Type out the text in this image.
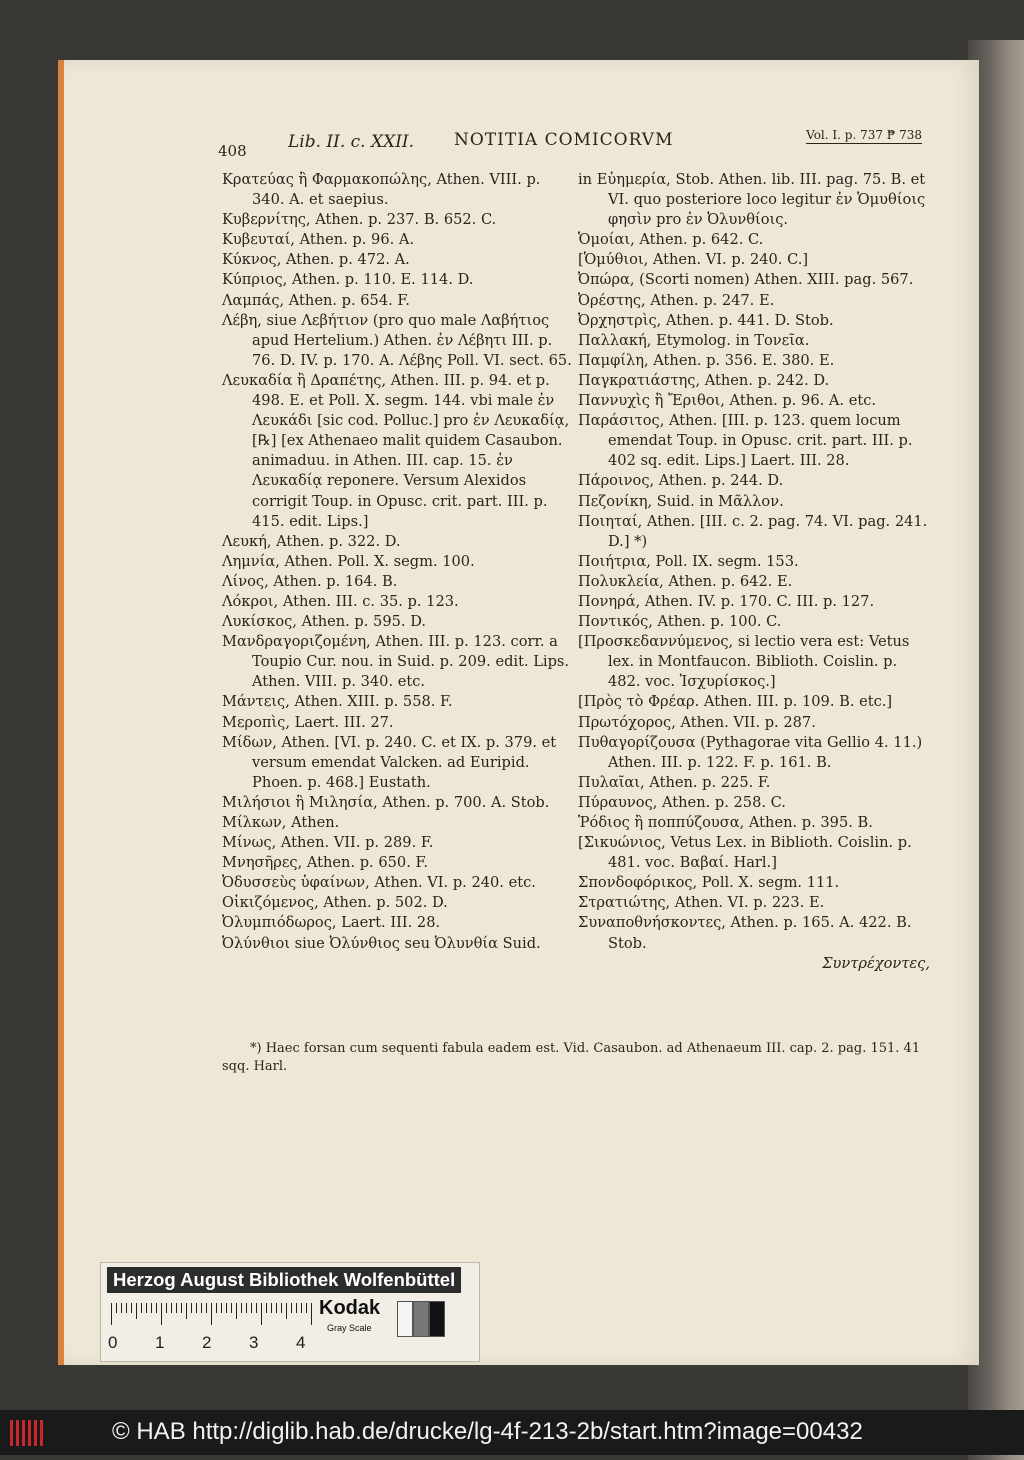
408 Lib. II. c. XXII. NOTITIA COMICORVM	Vol. I. p. 737 ₱ 738

Κρατεύας ἢ Φαρμακοπώλης, Athen. VIII. p. 340. A. et saepius.

Κυβερνίτης, Athen. p. 237. B. 652. C.

Κυβευταί, Athen. p. 96. A.

Κύκνος, Athen. p. 472. A.

Κύπριος, Athen. p. 110. E. 114. D.

Λαμπάς, Athen. p. 654. F.

Λέβη, siue Λεβήτιον (pro quo male Λαβήτιος apud Hertelium.) Athen. ἐν Λέβητι III. p. 76. D. IV. p. 170. A. Λέβης Poll. VI. sect. 65.

Λευκαδία ἢ Δραπέτης, Athen. III. p. 94. et p. 498. E. et Poll. X. segm. 144. vbi male ἐν Λευκάδι [sic cod. Polluc.] pro ἐν Λευκαδίᾳ, [℞] [ex Athenaeo malit quidem Casaubon. animaduu. in Athen. III. cap. 15. ἐν Λευκαδίᾳ reponere. Versum Alexidos corrigit Toup. in Opusc. crit. part. III. p. 415. edit. Lips.]

Λευκή, Athen. p. 322. D.

Λημνία, Athen. Poll. X. segm. 100.

Λίνος, Athen. p. 164. B.

Λόκροι, Athen. III. c. 35. p. 123.

Λυκίσκος, Athen. p. 595. D.

Μανδραγοριζομένη, Athen. III. p. 123. corr. a Toupio Cur. nou. in Suid. p. 209. edit. Lips. Athen. VIII. p. 340. etc.

Μάντεις, Athen. XIII. p. 558. F.

Μεροπὶς, Laert. III. 27.

Μίδων, Athen. [VI. p. 240. C. et IX. p. 379. et versum emendat Valcken. ad Euripid. Phoen. p. 468.] Eustath.

Μιλήσιοι ἢ Μιλησία, Athen. p. 700. A. Stob.

Μίλκων, Athen.

Μίνως, Athen. VII. p. 289. F.

Μνησῆρες, Athen. p. 650. F.

Ὀδυσσεὺς ὑφαίνων, Athen. VI. p. 240. etc.

Οἰκιζόμενος, Athen. p. 502. D.

Ὀλυμπιόδωρος, Laert. III. 28.

Ὀλύνθιοι siue Ὀλύνθιος seu Ὀλυνθία Suid.

in Εὐημερία, Stob. Athen. lib. III. pag. 75. B. et VI. quo posteriore loco legitur ἐν Ὁμυθίοις φησὶν pro ἐν Ὀλυνθίοις.

Ὁμοίαι, Athen. p. 642. C.

[Ὁμύθιοι, Athen. VI. p. 240. C.]

Ὀπώρα, (Scorti nomen) Athen. XIII. pag. 567.

Ὀρέστης, Athen. p. 247. E.

Ὀρχηστρὶς, Athen. p. 441. D. Stob.

Παλλακή, Etymolog. in Τονεῖα.

Παμφίλη, Athen. p. 356. E. 380. E.

Παγκρατιάστης, Athen. p. 242. D.

Παννυχὶς ἢ Ἔριθοι, Athen. p. 96. A. etc.

Παράσιτος, Athen. [III. p. 123. quem locum emendat Toup. in Opusc. crit. part. III. p. 402 sq. edit. Lips.] Laert. III. 28.

Πάροινος, Athen. p. 244. D.

Πεζονίκη, Suid. in Μᾶλλον.

Ποιηταί, Athen. [III. c. 2. pag. 74. VI. pag. 241. D.] *)

Ποιήτρια, Poll. IX. segm. 153.

Πολυκλεία, Athen. p. 642. E.

Πονηρά, Athen. IV. p. 170. C. III. p. 127.

Ποντικός, Athen. p. 100. C.

[Προσκεδαννύμενος, si lectio vera est: Vetus lex. in Montfaucon. Biblioth. Coislin. p. 482. voc. Ἰσχυρίσκος.]

[Πρὸς τὸ Φρέαρ. Athen. III. p. 109. B. etc.]

Πρωτόχορος, Athen. VII. p. 287.

Πυθαγορίζουσα (Pythagorae vita Gellio 4. 11.) Athen. III. p. 122. F. p. 161. B.

Πυλαῖαι, Athen. p. 225. F.

Πύραυνος, Athen. p. 258. C.

Ῥόδιος ἢ ποππύζουσα, Athen. p. 395. B.

[Σικυώνιος, Vetus Lex. in Biblioth. Coislin. p. 481. voc. Βαβαί. Harl.]

Σπονδοφόρικος, Poll. X. segm. 111.

Στρατιώτης, Athen. VI. p. 223. E.

Συναποθνήσκοντες, Athen. p. 165. A. 422. B. Stob.

Συντρέχοντες,

*) Haec forsan cum sequenti fabula eadem est. Vid. Casaubon. ad Athenaeum III. cap. 2. pag. 151. 41 sqq. Harl.
Herzog August Bibliothek Wolfenbüttel
0 1 2 3 4
Kodak
Gray Scale
© HAB http://diglib.hab.de/drucke/lg-4f-213-2b/start.htm?image=00432
